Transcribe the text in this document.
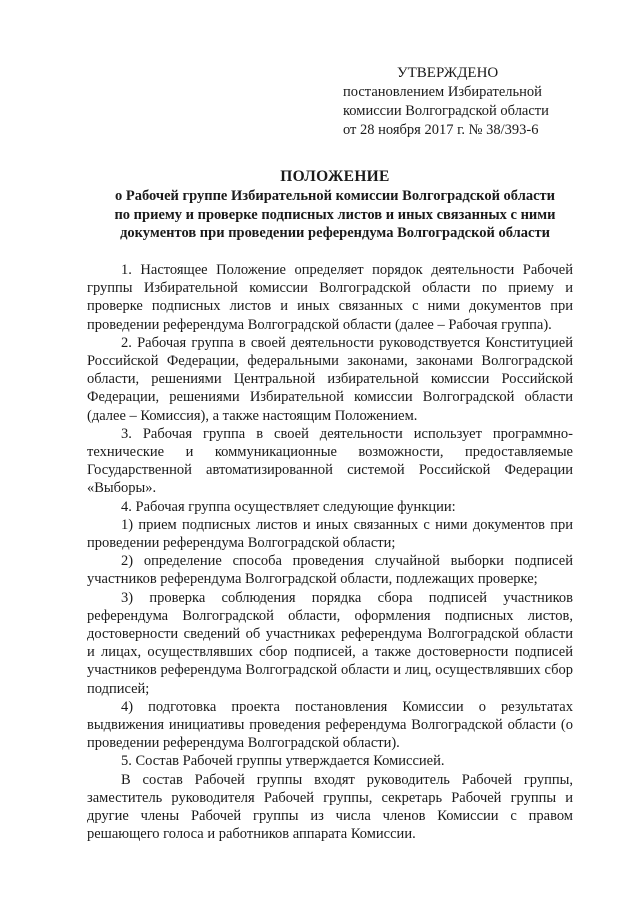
УТВЕРЖДЕНО
постановлением Избирательной
комиссии Волгоградской области
от 28 ноября 2017 г. № 38/393-6
ПОЛОЖЕНИЕ
о Рабочей группе Избирательной комиссии Волгоградской области
по приему и проверке подписных листов и иных связанных с ними
документов при проведении референдума Волгоградской области

1. Настоящее Положение определяет порядок деятельности Рабочей группы Избирательной комиссии Волгоградской области по приему и проверке подписных листов и иных связанных с ними документов при проведении референдума Волгоградской области (далее – Рабочая группа).

2. Рабочая группа в своей деятельности руководствуется Конституцией Российской Федерации, федеральными законами, законами Волгоградской области, решениями Центральной избирательной комиссии Российской Федерации, решениями Избирательной комиссии Волгоградской области (далее – Комиссия), а также настоящим Положением.

3. Рабочая группа в своей деятельности использует программно-технические и коммуникационные возможности, предоставляемые Государственной автоматизированной системой Российской Федерации «Выборы».

4. Рабочая группа осуществляет следующие функции:

1) прием подписных листов и иных связанных с ними документов при проведении референдума Волгоградской области;

2) определение способа проведения случайной выборки подписей участников референдума Волгоградской области, подлежащих проверке;

3) проверка соблюдения порядка сбора подписей участников референдума Волгоградской области, оформления подписных листов, достоверности сведений об участниках референдума Волгоградской области и лицах, осуществлявших сбор подписей, а также достоверности подписей участников референдума Волгоградской области и лиц, осуществлявших сбор подписей;

4) подготовка проекта постановления Комиссии о результатах выдвижения инициативы проведения референдума Волгоградской области (о проведении референдума Волгоградской области).

5. Состав Рабочей группы утверждается Комиссией.

В состав Рабочей группы входят руководитель Рабочей группы, заместитель руководителя Рабочей группы, секретарь Рабочей группы и другие члены Рабочей группы из числа членов Комиссии с правом решающего голоса и работников аппарата Комиссии.
